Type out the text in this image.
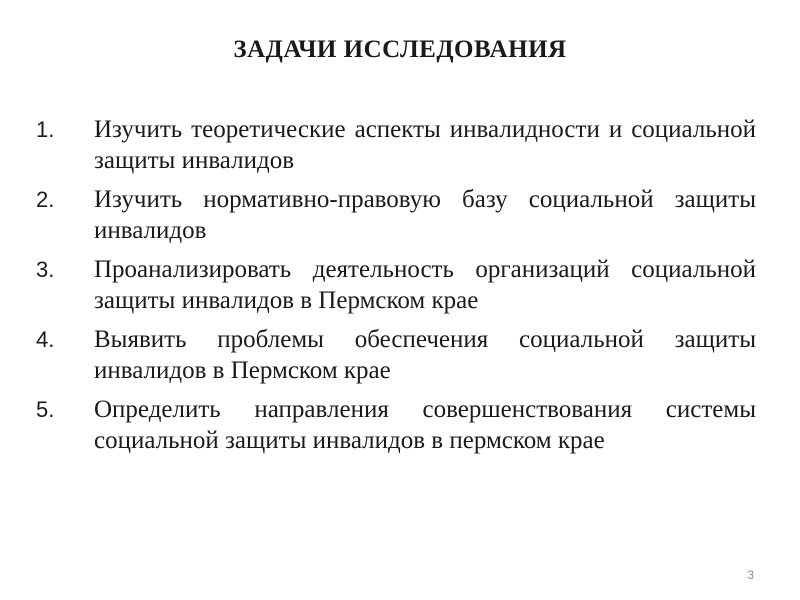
ЗАДАЧИ ИССЛЕДОВАНИЯ
1.	Изучить теоретические аспекты инвалидности и социальной защиты инвалидов
2.	Изучить нормативно-правовую базу социальной защиты инвалидов
3.	Проанализировать деятельность организаций социальной защиты инвалидов в Пермском крае
4.	Выявить проблемы обеспечения социальной защиты инвалидов в Пермском крае
5.	Определить направления совершенствования системы социальной защиты инвалидов в пермском крае
3
